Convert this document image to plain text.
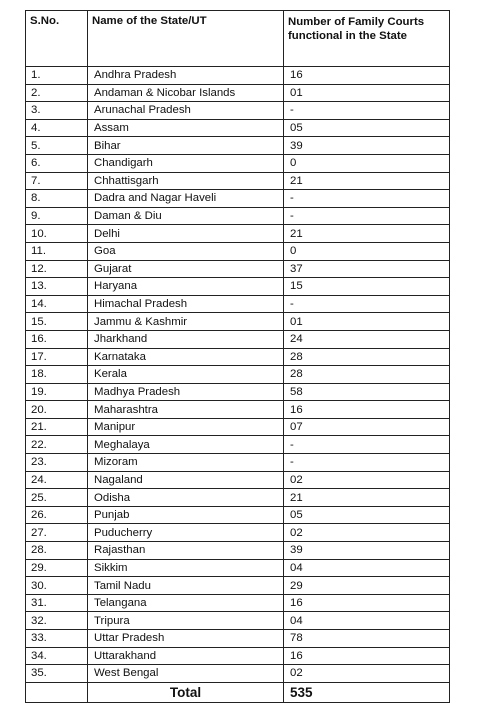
S.No.	Name of the State/UT	Number of Family Courts functional in the State
1.	Andhra Pradesh	16
2.	Andaman & Nicobar Islands	01
3.	Arunachal Pradesh	-
4.	Assam	05
5.	Bihar	39
6.	Chandigarh	0
7.	Chhattisgarh	21
8.	Dadra and Nagar Haveli	-
9.	Daman & Diu	-
10.	Delhi	21
11.	Goa	0
12.	Gujarat	37
13.	Haryana	15
14.	Himachal Pradesh	-
15.	Jammu & Kashmir	01
16.	Jharkhand	24
17.	Karnataka	28
18.	Kerala	28
19.	Madhya Pradesh	58
20.	Maharashtra	16
21.	Manipur	07
22.	Meghalaya	-
23.	Mizoram	-
24.	Nagaland	02
25.	Odisha	21
26.	Punjab	05
27.	Puducherry	02
28.	Rajasthan	39
29.	Sikkim	04
30.	Tamil Nadu	29
31.	Telangana	16
32.	Tripura	04
33.	Uttar Pradesh	78
34.	Uttarakhand	16
35.	West Bengal	02
	Total	535
